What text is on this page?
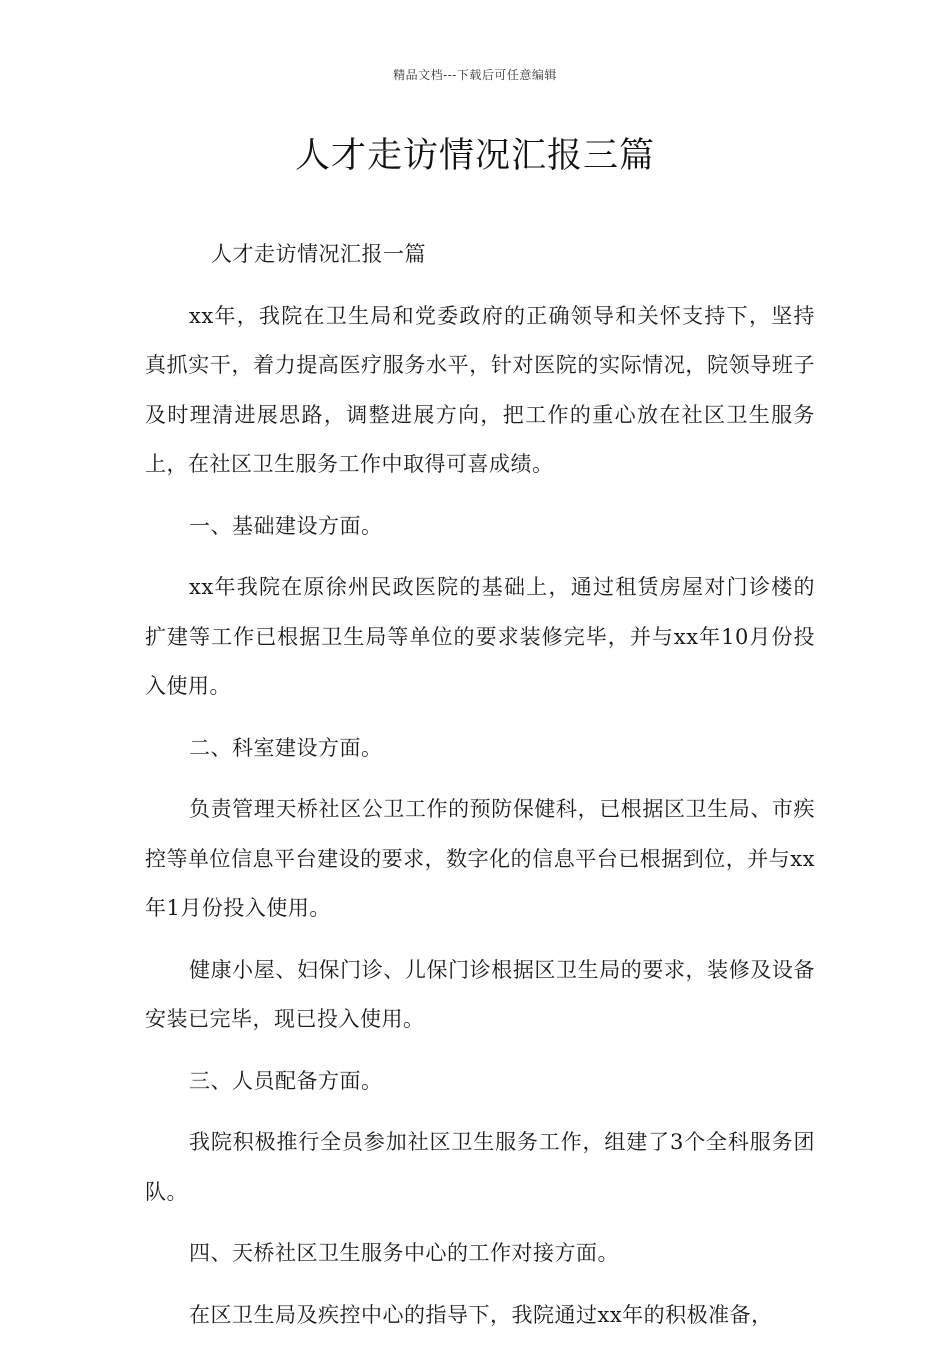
精品文档---下载后可任意编辑
人才走访情况汇报三篇

人才走访情况汇报一篇

xx年，我院在卫生局和党委政府的正确领导和关怀支持下，坚持真抓实干，着力提高医疗服务水平，针对医院的实际情况，院领导班子及时理清进展思路，调整进展方向，把工作的重心放在社区卫生服务上，在社区卫生服务工作中取得可喜成绩。

一、基础建设方面。

xx年我院在原徐州民政医院的基础上，通过租赁房屋对门诊楼的扩建等工作已根据卫生局等单位的要求装修完毕，并与xx年10月份投入使用。

二、科室建设方面。

负责管理天桥社区公卫工作的预防保健科，已根据区卫生局、市疾控等单位信息平台建设的要求，数字化的信息平台已根据到位，并与xx年1月份投入使用。

健康小屋、妇保门诊、儿保门诊根据区卫生局的要求，装修及设备安装已完毕，现已投入使用。

三、人员配备方面。

我院积极推行全员参加社区卫生服务工作，组建了3个全科服务团队。

四、天桥社区卫生服务中心的工作对接方面。

在区卫生局及疾控中心的指导下，我院通过xx年的积极准备，
